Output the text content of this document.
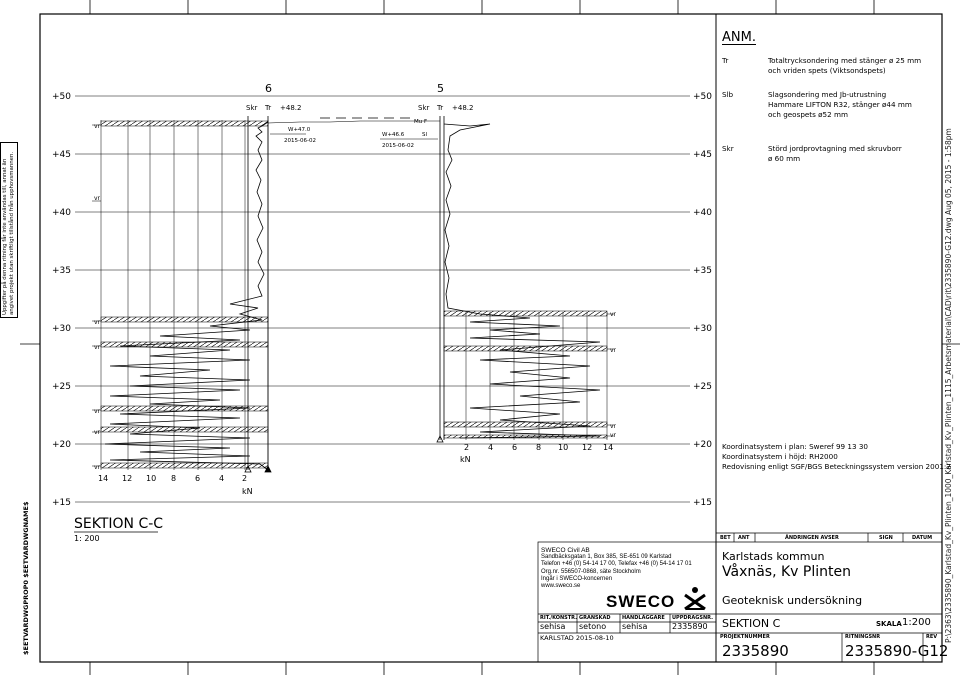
vr
vr
vr
vr
vr
vr
vr
vr
vr
vr
vr
+50
+45
+40
+35
+30
+25
+20
+15
+50
+45
+40
+35
+30
+25
+20
+15
6
Skr Tr +48.2
W+47.0
2015-06-02
5
Skr Tr +48.2
Mu F
Sl
W+46.6
2015-06-02
14 12 10 8 6 4 2
kN
2 4 6 8 10 12 14
kN
SEKTION C-C
1: 200
Uppgifter på denna ritning får inte användas till, annat än angivet projekt utan skriftligt tillstånd från upphovsmannen.
$EETVARDWGPROP0 $EETVARDWGNAME$	P:\2363\2335890_Karlstad_Kv_Plinten_1000_Karlstad_Kv_Plinten_1115_Arbetsmaterial\CAD\rit\2335890-G12.dwg Aug 05, 2015 - 1:58pm
ANM.
Tr	Totaltrycksondering med stänger ø 25 mm
och vriden spets (Viktsondspets)
Slb	Slagsondering med Jb-utrustning
Hammare LIFTON R32, stänger ø44 mm
och geospets ø52 mm
Skr	Störd jordprovtagning med skruvborr
ø 60 mm
Koordinatsystem i plan: Sweref 99 13 30
Koordinatsystem i höjd: RH2000
Redovisning enligt SGF/BGS Beteckningssystem version 2001:2
BET ANT	ÄNDRINGEN AVSER	SIGN	DATUM
SWECO Civil AB
Sandbäcksgatan 1, Box 385, SE-651 09 Karlstad
Telefon +46 (0) 54-14 17 00, Telefax +46 (0) 54-14 17 01
Org.nr. 556507-0868, säte Stockholm
Ingår i SWECO-koncernen
www.sweco.se
SWECO
RIT./KONSTR. GRANSKAD HANDLÄGGARE UPPDRAGSNR.
sehisa setono sehisa	2335890
KARLSTAD 2015-08-10
Karlstads kommun
Våxnäs, Kv Plinten
Geoteknisk undersökning
SEKTION C	SKALA 1:200
PROJEKTNUMMER	RITNINGSNR	REV
2335890	2335890-G12
